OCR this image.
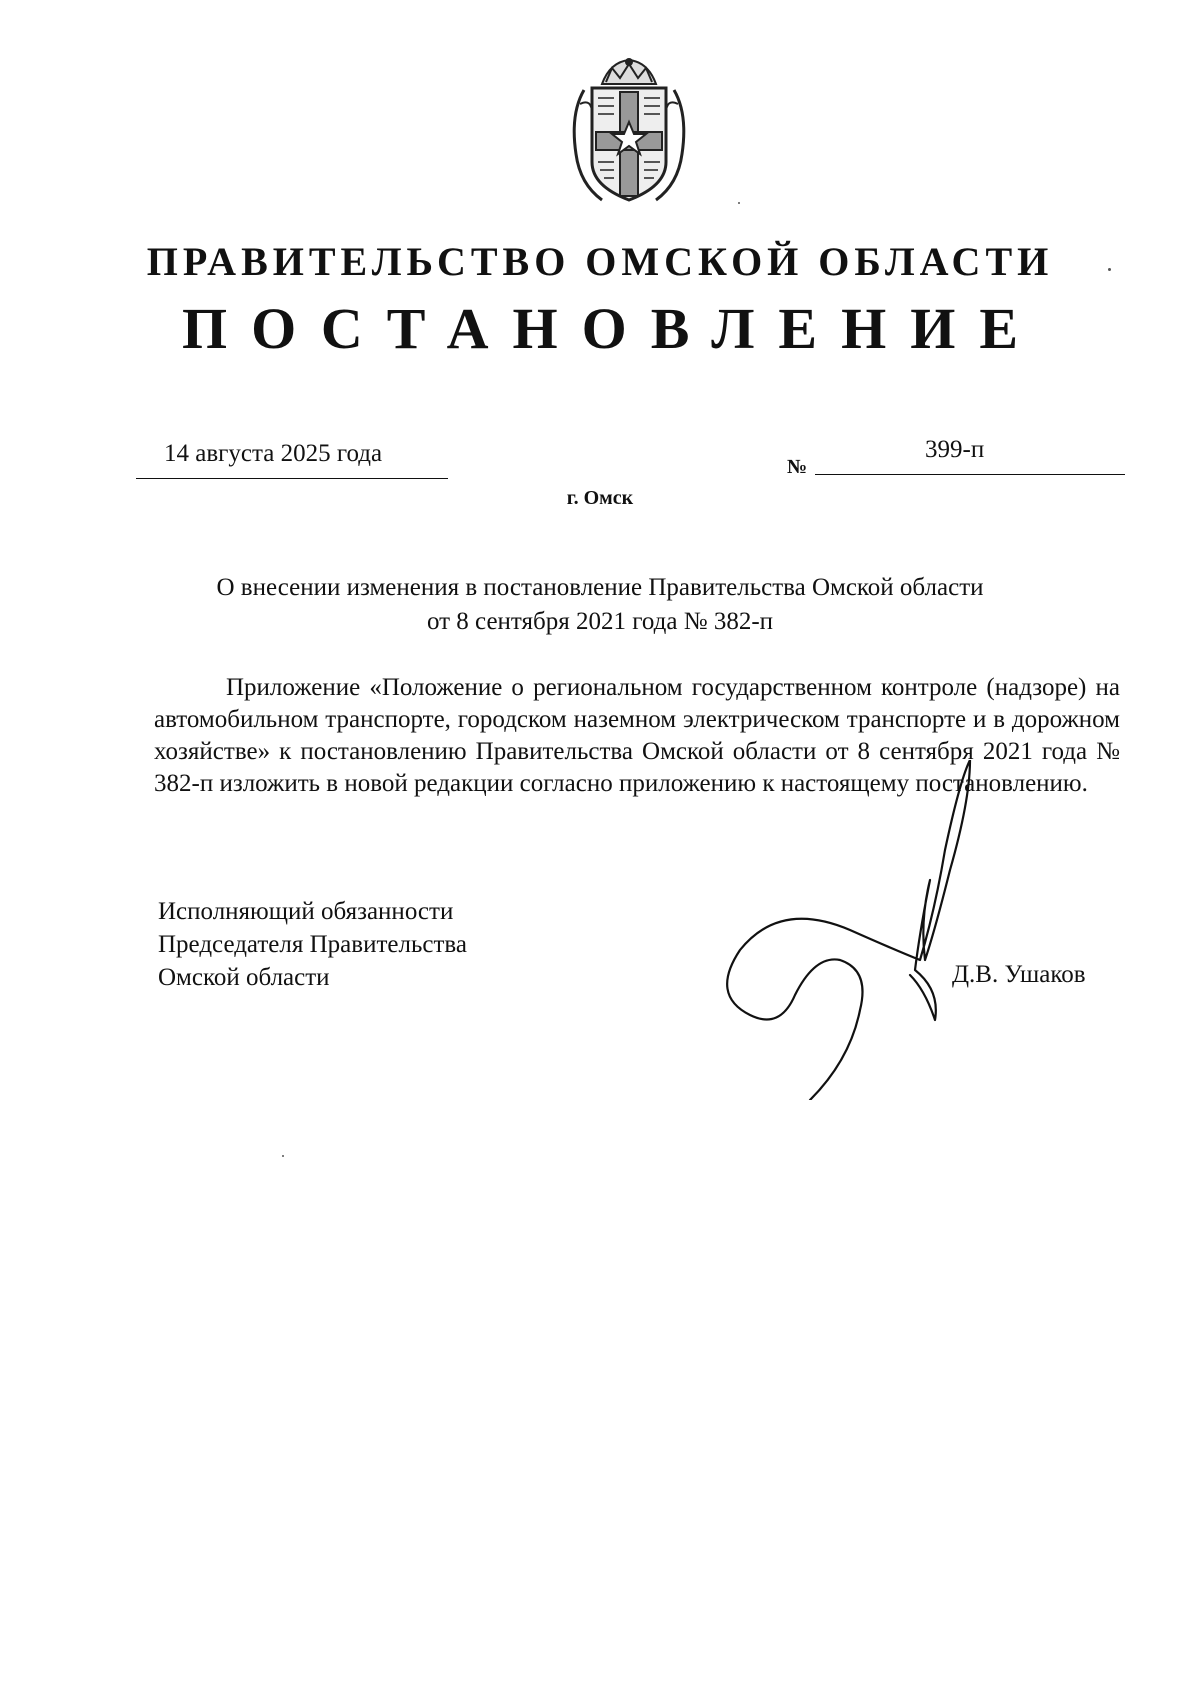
ПРАВИТЕЛЬСТВО ОМСКОЙ ОБЛАСТИ
ПОСТАНОВЛЕНИЕ
14 августа 2025 года	№
399-п
г. Омск
О внесении изменения в постановление Правительства Омской области
от 8 сентября 2021 года № 382-п
Приложение «Положение о региональном государственном контроле (надзоре) на автомобильном транспорте, городском наземном электрическом транспорте и в дорожном хозяйстве» к постановлению Правительства Омской области от 8 сентября 2021 года № 382-п изложить в новой редакции согласно приложению к настоящему постановлению.
Исполняющий обязанности
Председателя Правительства
Омской области	Д.В. Ушаков
